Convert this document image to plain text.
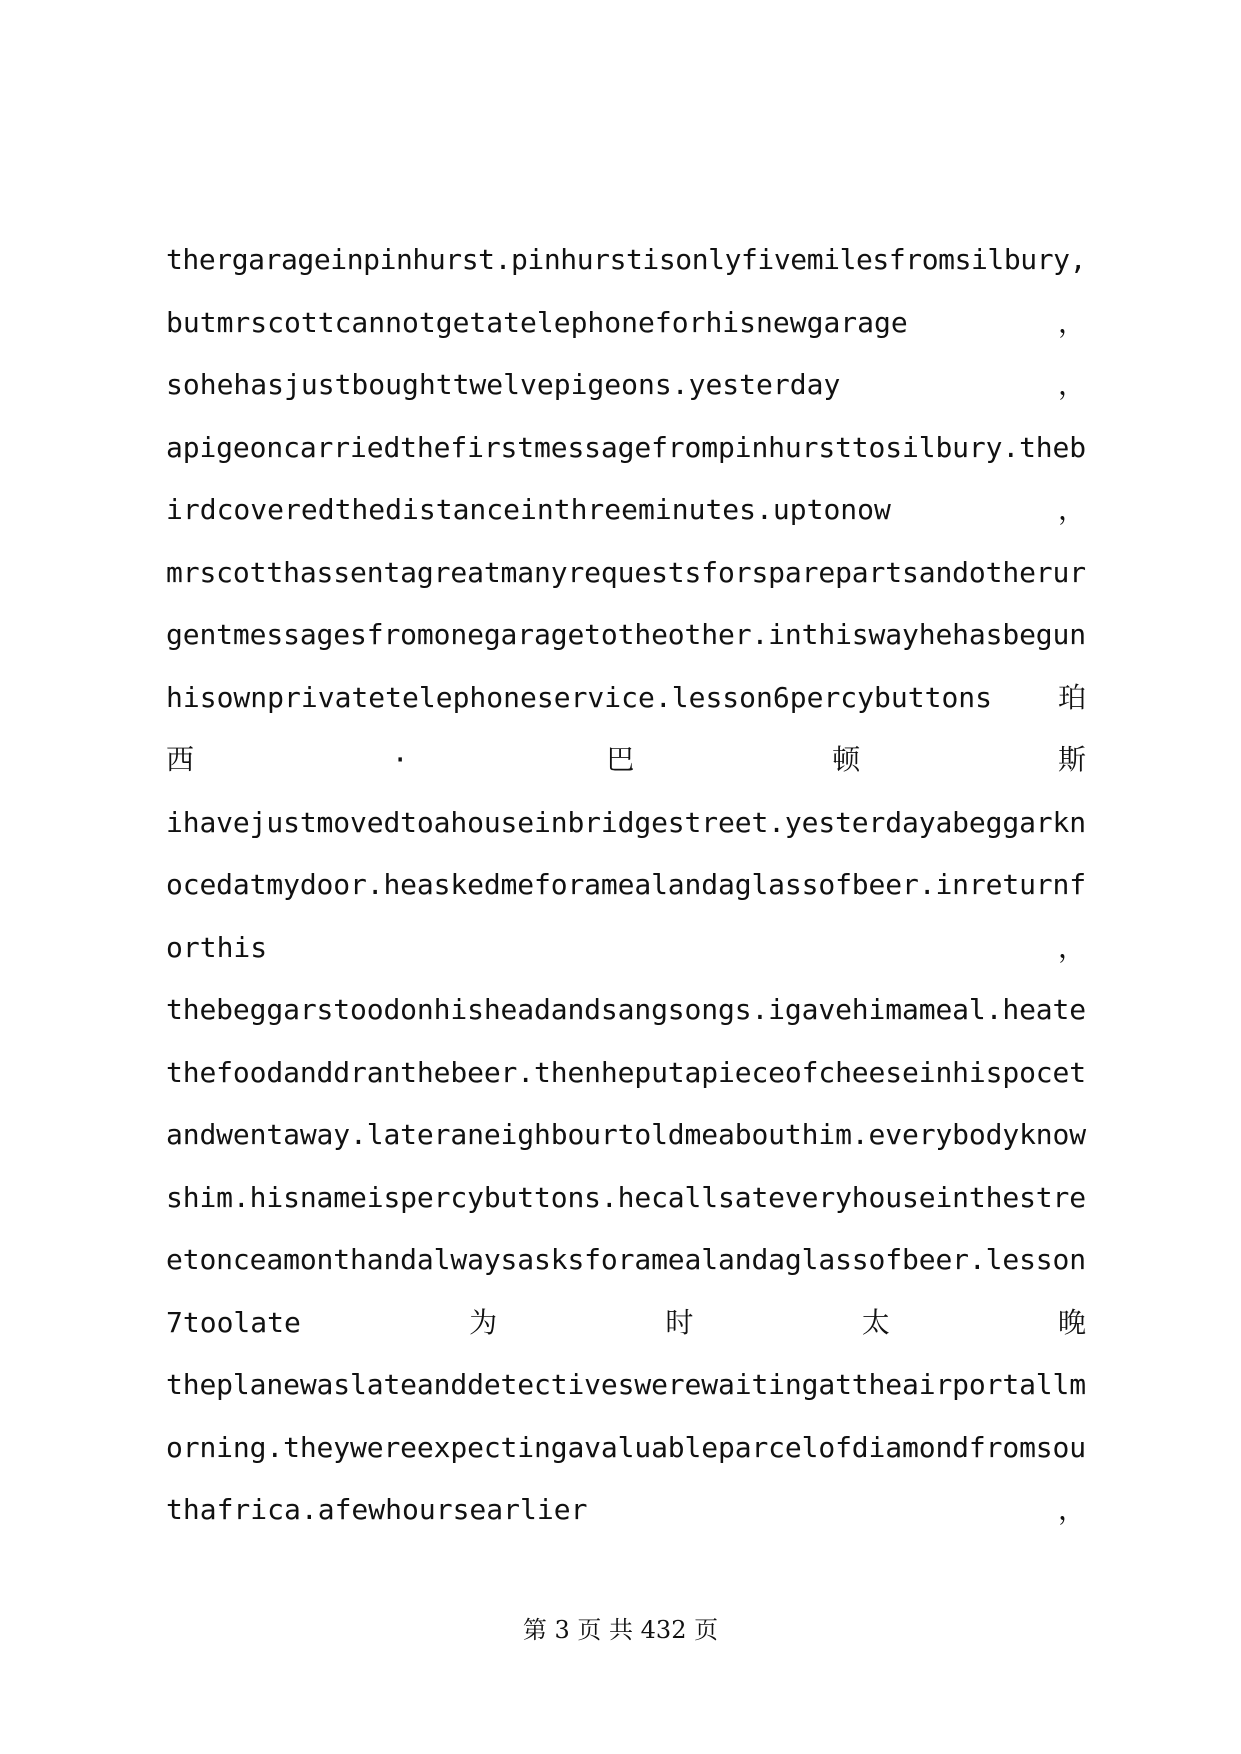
thergarageinpinhurst.pinhurstisonlyfivemilesfromsilbury,
butmrscottcannotgetatelephoneforhisnewgarage	，
sohehasjustboughttwelvepigeons.yesterday	，
apigeoncarriedthefirstmessagefrompinhursttosilbury.theb
irdcoveredthedistanceinthreeminutes.uptonow	，
mrscotthassentagreatmanyrequestsforsparepartsandotherur
gentmessagesfromonegaragetotheother.inthiswayhehasbegun
hisownprivatetelephoneservice.lesson6percybuttons 珀
西	·	巴	顿	斯
ihavejustmovedtoahouseinbridgestreet.yesterdayabeggarkn
ocedatmydoor.heaskedmeforamealandaglassofbeer.inreturnf
orthis	，
thebeggarstoodonhisheadandsangsongs.igavehimameal.heate
thefoodanddranthebeer.thenheputapieceofcheeseinhispocet
andwentaway.lateraneighbourtoldmeabouthim.everybodyknow
shim.hisnameispercybuttons.hecallsateveryhouseinthestre
etonceamonthandalwaysasksforamealandaglassofbeer.lesson
7toolate	为	时	太	晚
theplanewaslateanddetectiveswerewaitingattheairportallm
orning.theywereexpectingavaluableparcelofdiamondfromsou
thafrica.afewhoursearlier	，
第 3 页 共 432 页
